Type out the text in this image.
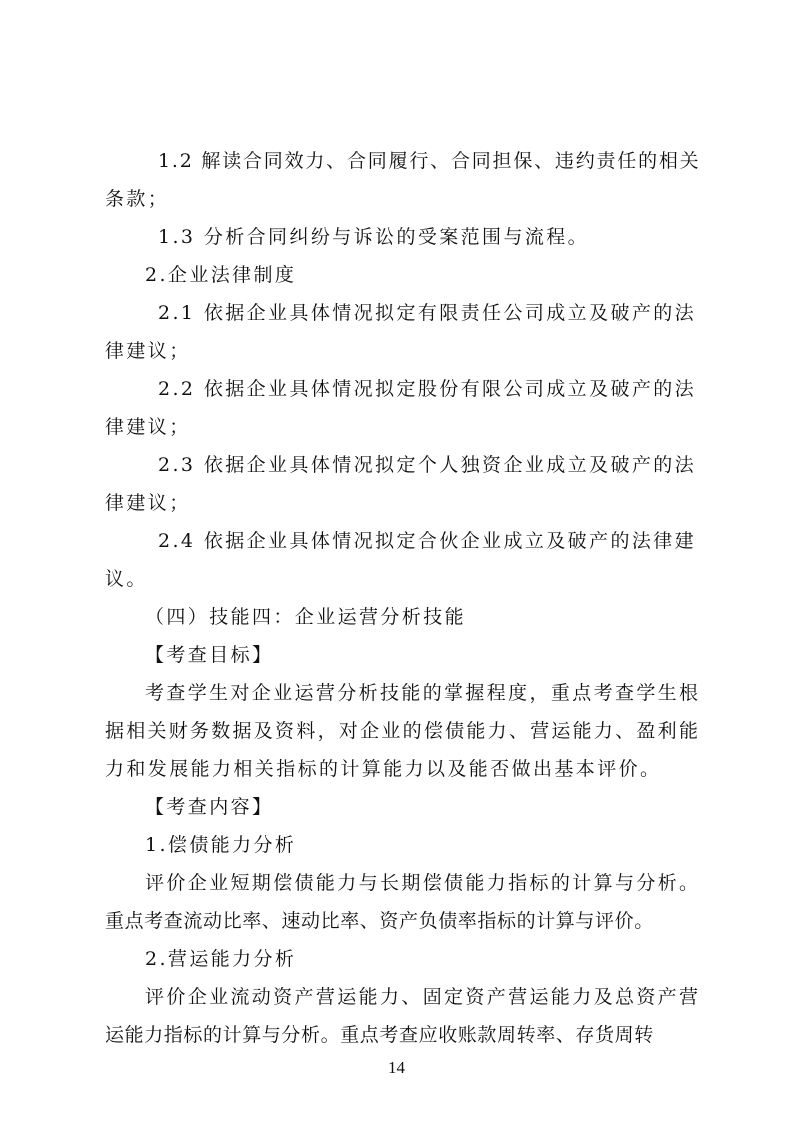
1.2 解读合同效力、合同履行、合同担保、违约责任的相关
条款；
1.3 分析合同纠纷与诉讼的受案范围与流程。
2.企业法律制度
2.1 依据企业具体情况拟定有限责任公司成立及破产的法
律建议；
2.2 依据企业具体情况拟定股份有限公司成立及破产的法
律建议；
2.3 依据企业具体情况拟定个人独资企业成立及破产的法
律建议；
2.4 依据企业具体情况拟定合伙企业成立及破产的法律建
议。
（四）技能四：企业运营分析技能
【考查目标】
考查学生对企业运营分析技能的掌握程度，重点考查学生根
据相关财务数据及资料，对企业的偿债能力、营运能力、盈利能
力和发展能力相关指标的计算能力以及能否做出基本评价。
【考查内容】
1.偿债能力分析
评价企业短期偿债能力与长期偿债能力指标的计算与分析。
重点考查流动比率、速动比率、资产负债率指标的计算与评价。
2.营运能力分析
评价企业流动资产营运能力、固定资产营运能力及总资产营
运能力指标的计算与分析。重点考查应收账款周转率、存货周转
14
